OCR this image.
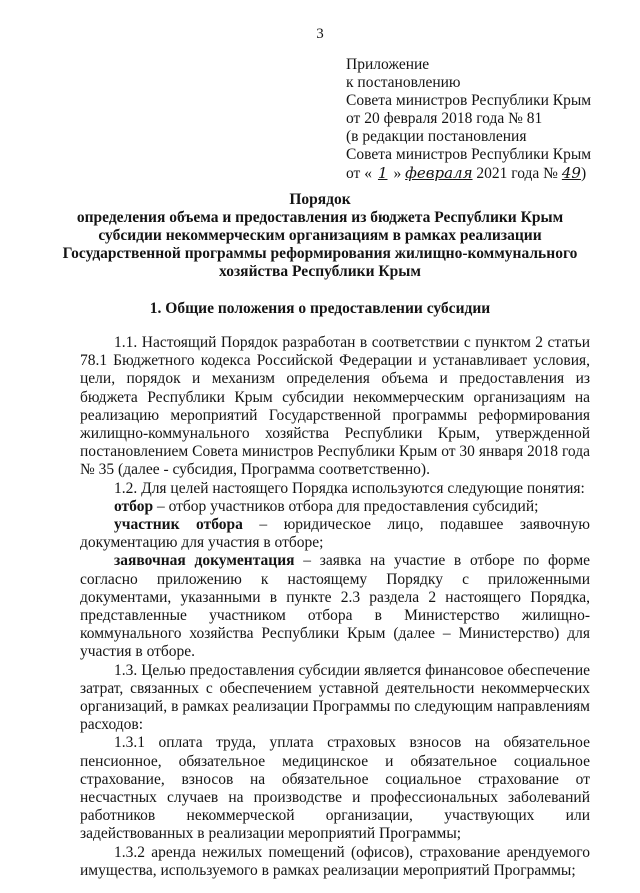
3
Приложение
к постановлению
Совета министров Республики Крым
от 20 февраля 2018 года № 81
(в редакции постановления
Совета министров Республики Крым
от « 1 » февраля 2021 года № 49)
Порядок
определения объема и предоставления из бюджета Республики Крым
субсидии некоммерческим организациям в рамках реализации
Государственной программы реформирования жилищно-коммунального
хозяйства Республики Крым
1. Общие положения о предоставлении субсидии

1.1. Настоящий Порядок разработан в соответствии с пунктом 2 статьи 78.1 Бюджетного кодекса Российской Федерации и устанавливает условия, цели, порядок и механизм определения объема и предоставления из бюджета Республики Крым субсидии некоммерческим организациям на реализацию мероприятий Государственной программы реформирования жилищно-коммунального хозяйства Республики Крым, утвержденной постановлением Совета министров Республики Крым от 30 января 2018 года № 35 (далее - субсидия, Программа соответственно).

1.2. Для целей настоящего Порядка используются следующие понятия:

отбор – отбор участников отбора для предоставления субсидий;

участник отбора – юридическое лицо, подавшее заявочную документацию для участия в отборе;

заявочная документация – заявка на участие в отборе по форме согласно приложению к настоящему Порядку с приложенными документами, указанными в пункте 2.3 раздела 2 настоящего Порядка, представленные участником отбора в Министерство жилищно-коммунального хозяйства Республики Крым (далее – Министерство) для участия в отборе.

1.3. Целью предоставления субсидии является финансовое обеспечение затрат, связанных с обеспечением уставной деятельности некоммерческих организаций, в рамках реализации Программы по следующим направлениям расходов:

1.3.1 оплата труда, уплата страховых взносов на обязательное пенсионное, обязательное медицинское и обязательное социальное страхование, взносов на обязательное социальное страхование от несчастных случаев на производстве и профессиональных заболеваний работников некоммерческой организации, участвующих или задействованных в реализации мероприятий Программы;

1.3.2 аренда нежилых помещений (офисов), страхование арендуемого имущества, используемого в рамках реализации мероприятий Программы;
